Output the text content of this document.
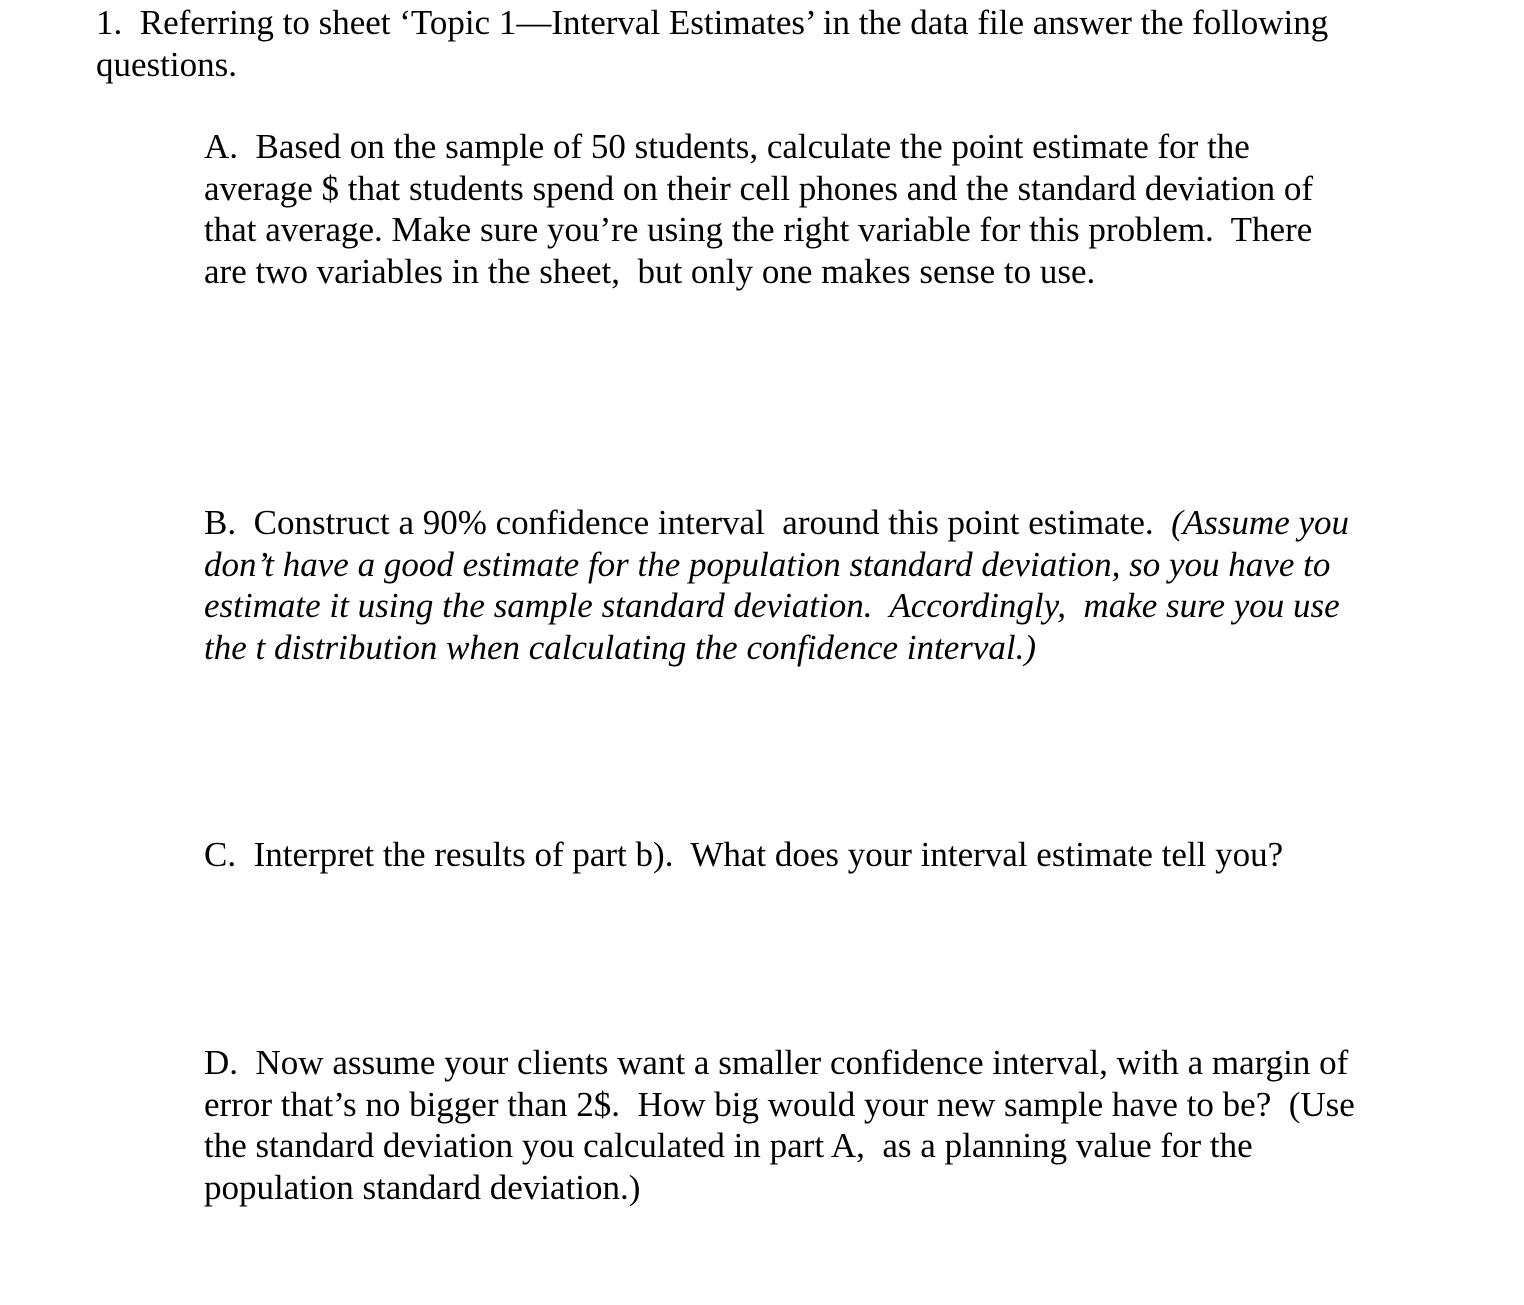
1.  Referring to sheet ‘Topic 1—Interval Estimates’ in the data file answer the following
questions.

A.  Based on the sample of 50 students, calculate the point estimate for the
average $ that students spend on their cell phones and the standard deviation of
that average. Make sure you’re using the right variable for this problem.  There
are two variables in the sheet,  but only one makes sense to use.

B.  Construct a 90% confidence interval  around this point estimate.  (Assume you
don’t have a good estimate for the population standard deviation, so you have to
estimate it using the sample standard deviation.  Accordingly,  make sure you use
the t distribution when calculating the confidence interval.)

C.  Interpret the results of part b).  What does your interval estimate tell you?

D.  Now assume your clients want a smaller confidence interval, with a margin of
error that’s no bigger than 2$.  How big would your new sample have to be?  (Use
the standard deviation you calculated in part A,  as a planning value for the
population standard deviation.)
